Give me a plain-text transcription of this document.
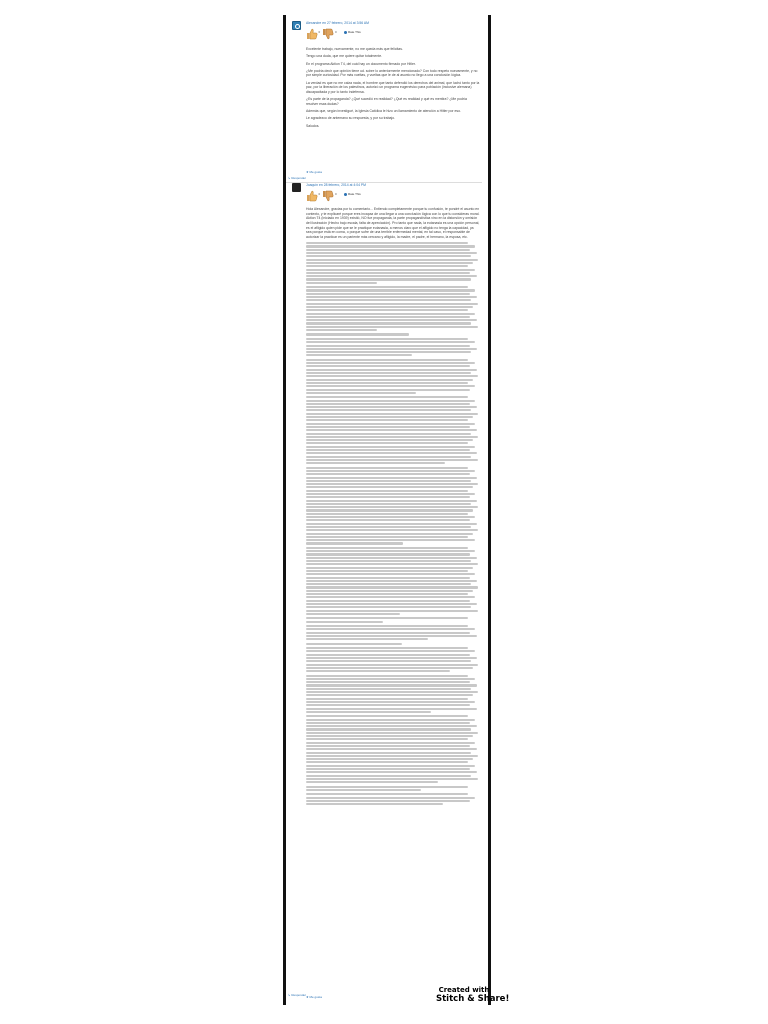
Alexandre en 27 febrero, 2014 at 3:56 AM
0	0	Rate This

Excelente trabajo, nuevamente, no me queda más que felicitas.

Tengo una duda, que me quiere quitar totalmente.

En el programa Aktion T4, del cuál hay un documento firmado por Hitler.

¿Me podría decir que opinión tiene ud. sobre lo anteriormente mencionado? Con todo respeto nuevamente, y no por simple curiosidad. Por más vueltas, y vueltas que le de al asunto no llego a una conclusión lógica.

La verdad es que no me calza nada, el hombre que tanto defendió los derechos del animal, que luchó tanto por la paz, por la liberación de los palestinos, autorizó un programa eugenésico para población (inclusive alemana) discapacitada y por lo tanto indefensa.

¿Es parte de la propaganda? ¿Qué sucedió en realidad? ¿Qué es realidad y qué es mentira? ¿Me podría resolver esas dudas?

Además que, según investigué, la Iglesia Católica le hizo un llamamiento de atención a Hitler por eso.

Le agradezco de antemano su respuesta, y por su trabajo.

Saludos.

★ Me gusta
↳ Responder
Joaquín en 28 febrero, 2014 at 4:04 PM
0	0	Rate This

Hola Alexandre, gracias por tu comentario... Entiendo completamente porque tu confusión, te pondré el asunto en contexto, y te explicaré porque eres incapaz de una llegar a una conclusión lógica con lo que tu consideras moral. Aktion T4 (iniciado en 1939) existió, NO fue propaganda, la parte propagandística vino en la distorsión y omisión del ilustración (Hecho bajo escala, falta de apreciación). Pro tanto que nada, la eutanasia es una opción personal, es el afligido quien pide que se le practique eutanasia, a menos claro que el afligido no tenga la capacidad, ya sea porque está en coma, o porque sufre de una terrible enfermedad mental, en tal caso, el responsable de autorizar la practicar es un pariente más cercano y afligido, la madre, el padre, el hermano, la esposa, etc.

★ Me gusta
↳ Responder
Created with
Stitch & Share!
